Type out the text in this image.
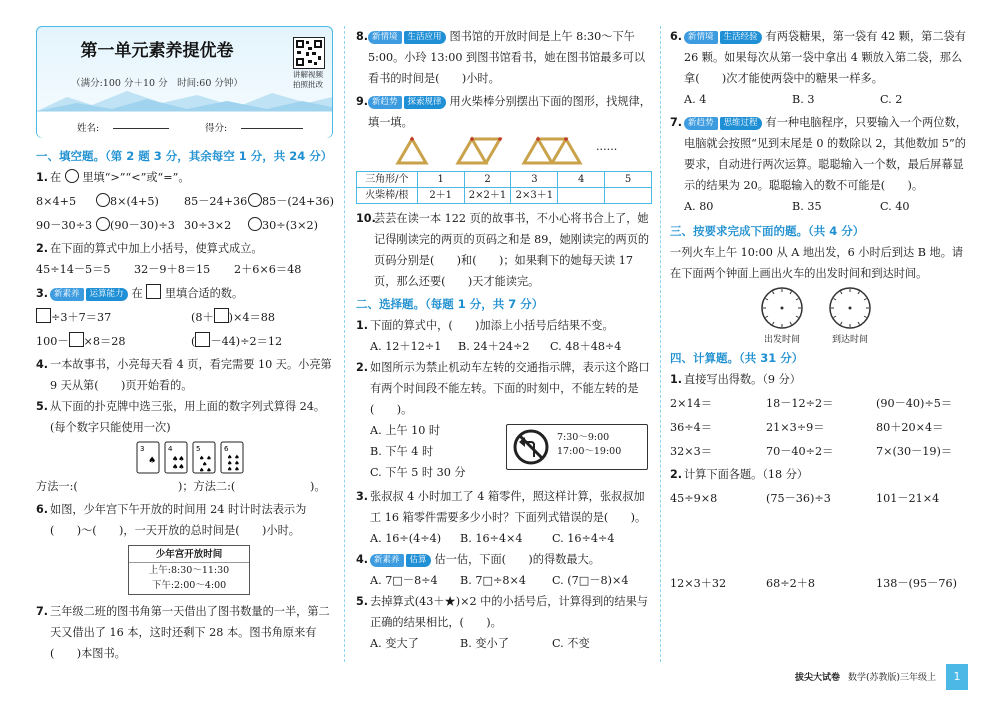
第一单元素养提优卷
（满分:100 分＋10 分　时间:60 分钟）
讲解视频
拍照批改
姓名:	得分:
一、填空题。（第 2 题 3 分，其余每空 1 分，共 24 分）
1. 在 里填“>”“<”或“=”。
8×4+5	8×(4+5)	85－24+36	85－(24+36)
90－30÷3	(90－30)÷3 30÷3×2	30÷(3×2)
2. 在下面的算式中加上小括号，使算式成立。
45÷14－5＝5	32－9＋8＝15	2＋6×6＝48
3. 新素养 运算能力 在 里填合适的数。
÷3＋7＝37	(8＋ )×4＝88
100－ ×8＝28	( －44)÷2＝12
4. 一本故事书，小亮每天看 4 页，看完需要 10 天。小亮第 9 天从第(　　)页开始看的。
5. 从下面的扑克牌中选三张，用上面的数字列式算得 24。
(每个数字只能使用一次)
3
♠
4
♠♠
♠♠
5
♠ ♠
♠
♠ ♠
6
♠ ♠
♠ ♠
♠ ♠
方法一:(	)；方法二:(	)。
6. 如图，少年宫下午开放的时间用 24 时计时法表示为(　　)～(　　)，一天开放的总时间是(　　)小时。
少年宫开放时间
上午:8:30～11:30
下午:2:00～4:00
7. 三年级二班的图书角第一天借出了图书数量的一半，第二天又借出了 16 本，这时还剩下 28 本。图书角原来有(　　)本图书。
8. 新情境 生活应用 图书馆的开放时间是上午 8:30～下午 5:00。小玲 13:00 到图书馆看书，她在图书馆最多可以看书的时间是(　　)小时。
9. 新趋势 探索规律 用火柴棒分别摆出下面的图形，找规律，填一填。
······
三角形/个	1	2	3	4	5
火柴棒/根	2＋1	2×2＋1	2×3＋1		
10.
芸芸在读一本 122 页的故事书，不小心将书合上了，她记得刚读完的两页的页码之和是 89，她刚读完的两页的页码分别是(　　)和(　　)；如果剩下的她每天读 17 页，那么还要(　　)天才能读完。
二、选择题。（每题 1 分，共 7 分）
1. 下面的算式中，(　　)加添上小括号后结果不变。
A. 12＋12÷1	B. 24＋24÷2	C. 48＋48÷4
2. 如图所示为禁止机动车左转的交通指示牌，表示这个路口有两个时间段不能左转。下面的时刻中，不能左转的是(　　)。
A. 上午 10 时
B. 下午 4 时
C. 下午 5 时 30 分
7:30～9:00
17:00～19:00
3. 张叔叔 4 小时加工了 4 箱零件，照这样计算，张叔叔加工 16 箱零件需要多少小时？下面列式错误的是(　　)。
A. 16÷(4÷4)	B. 16÷4×4	C. 16÷4÷4
4. 新素养 估算 估一估，下面(　　)的得数最大。
A. 7□－8÷4	B. 7□÷8×4	C. (7□－8)×4
5. 去掉算式(43＋★)×2 中的小括号后，计算得到的结果与正确的结果相比，(　　)。
A. 变大了	B. 变小了	C. 不变
6. 新情境 生活经验 有两袋糖果，第一袋有 42 颗，第二袋有 26 颗。如果每次从第一袋中拿出 4 颗放入第二袋，那么拿(　　)次才能使两袋中的糖果一样多。
A. 4	B. 3	C. 2
7. 新趋势 思维过程 有一种电脑程序，只要输入一个两位数，电脑就会按照“见到末尾是 0 的数除以 2，其他数加 5”的要求，自动进行两次运算。聪聪输入一个数，最后屏幕显示的结果为 20。聪聪输入的数不可能是(　　)。
A. 80	B. 35	C. 40
三、按要求完成下面的题。（共 4 分）
一列火车上午 10:00 从 A 地出发，6 小时后到达 B 地。请在下面两个钟面上画出火车的出发时间和到达时间。
出发时间	到达时间
四、计算题。（共 31 分）
1. 直接写出得数。（9 分）
2×14＝	18－12÷2＝	(90－40)÷5＝
36÷4＝	21×3÷9＝	80＋20×4＝
32×3＝	70－40÷2＝	7×(30－19)＝
2. 计算下面各题。（18 分）
45÷9×8	(75－36)÷3	101－21×4
12×3＋32	68÷2＋8	138－(95－76)
拔尖大试卷 数学(苏教版)三年级上	1
